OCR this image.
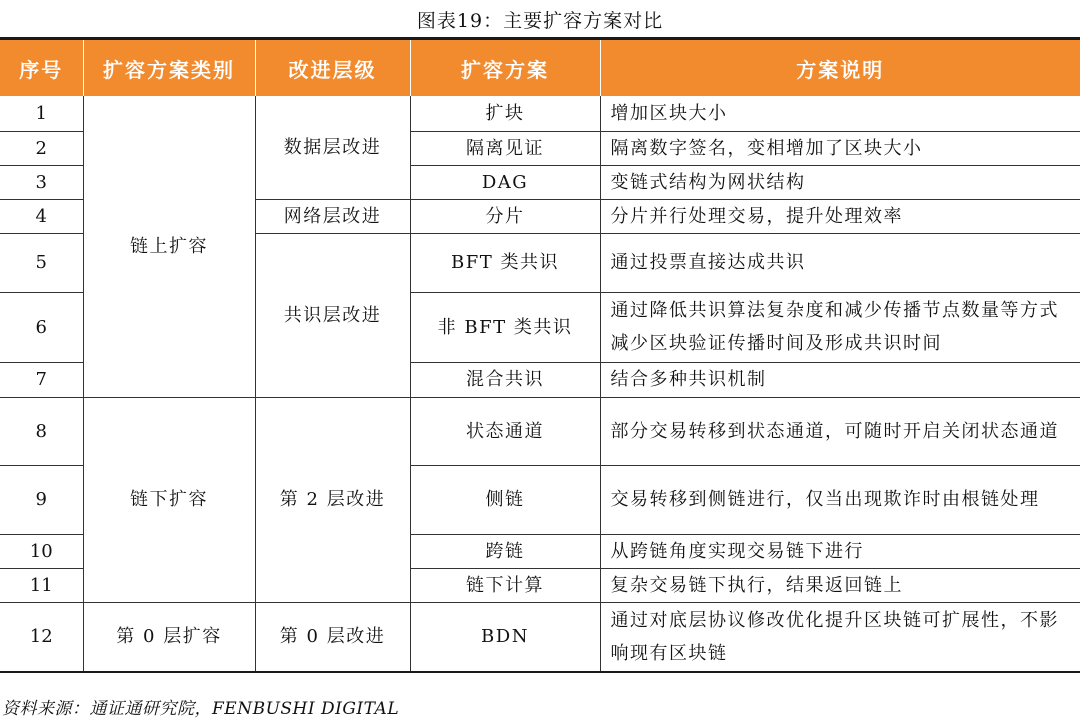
图表19：主要扩容方案对比
序号	扩容方案类别	改进层级	扩容方案	方案说明
1	链上扩容	数据层改进	扩块	增加区块大小
2			隔离见证	隔离数字签名，变相增加了区块大小
3			DAG	变链式结构为网状结构
4		网络层改进	分片	分片并行处理交易，提升处理效率
5		共识层改进	BFT 类共识	通过投票直接达成共识
6			非 BFT 类共识	通过降低共识算法复杂度和减少传播节点数量等方式减少区块验证传播时间及形成共识时间
7			混合共识	结合多种共识机制
8	链下扩容	第 2 层改进	状态通道	部分交易转移到状态通道，可随时开启关闭状态通道
9			侧链	交易转移到侧链进行，仅当出现欺诈时由根链处理
10			跨链	从跨链角度实现交易链下进行
11			链下计算	复杂交易链下执行，结果返回链上
12	第 0 层扩容	第 0 层改进	BDN	通过对底层协议修改优化提升区块链可扩展性，不影响现有区块链
资料来源：通证通研究院，FENBUSHI DIGITAL
